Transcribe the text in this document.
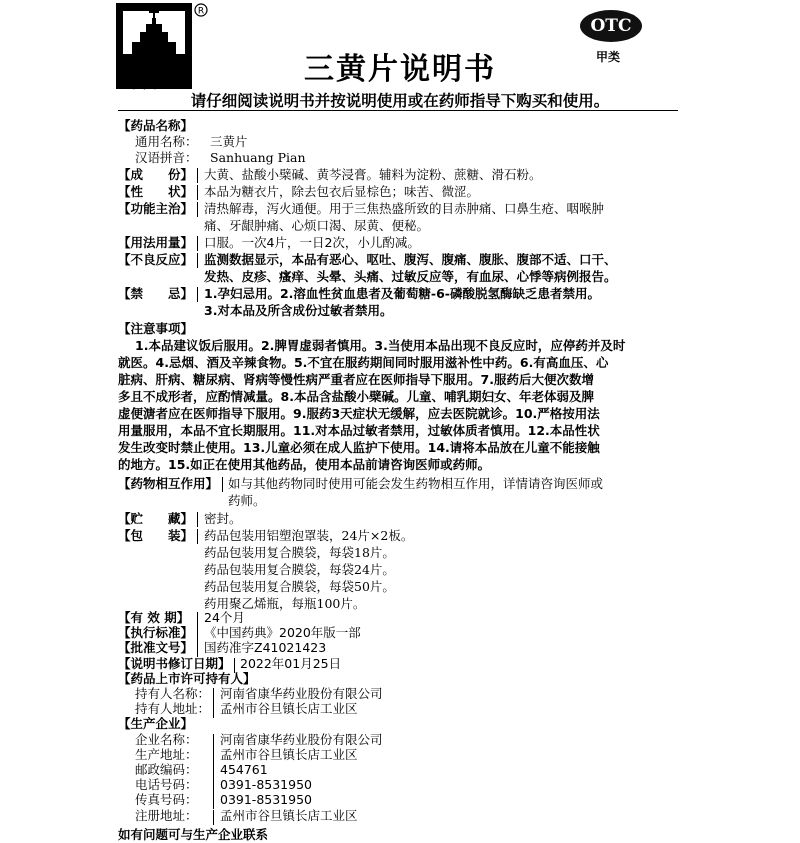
R
英雄	三黄片说明书
OTC
甲类
请仔细阅读说明书并按说明使用或在药师指导下购买和使用。
【药品名称】
通用名称： 三黄片
汉语拼音： Sanhuang Pian
【成　　份】 大黄、盐酸小檗碱、黄芩浸膏。辅料为淀粉、蔗糖、滑石粉。
【性　　状】 本品为糖衣片，除去包衣后显棕色；味苦、微涩。
【功能主治】 清热解毒，泻火通便。用于三焦热盛所致的目赤肿痛、口鼻生疮、咽喉肿
痛、牙龈肿痛、心烦口渴、尿黄、便秘。
【用法用量】 口服。一次4片，一日2次，小儿酌减。
【不良反应】 监测数据显示，本品有恶心、呕吐、腹泻、腹痛、腹胀、腹部不适、口干、
发热、皮疹、瘙痒、头晕、头痛、过敏反应等，有血尿、心悸等病例报告。
【禁　　忌】 1.孕妇忌用。2.溶血性贫血患者及葡萄糖-6-磷酸脱氢酶缺乏患者禁用。
3.对本品及所含成份过敏者禁用。
【注意事项】
1.本品建议饭后服用。2.脾胃虚弱者慎用。3.当使用本品出现不良反应时，应停药并及时
就医。4.忌烟、酒及辛辣食物。5.不宜在服药期间同时服用滋补性中药。6.有高血压、心
脏病、肝病、糖尿病、肾病等慢性病严重者应在医师指导下服用。7.服药后大便次数增
多且不成形者，应酌情减量。8.本品含盐酸小檗碱。儿童、哺乳期妇女、年老体弱及脾
虚便溏者应在医师指导下服用。9.服药3天症状无缓解，应去医院就诊。10.严格按用法
用量服用，本品不宜长期服用。11.对本品过敏者禁用，过敏体质者慎用。12.本品性状
发生改变时禁止使用。13.儿童必须在成人监护下使用。14.请将本品放在儿童不能接触
的地方。15.如正在使用其他药品，使用本品前请咨询医师或药师。
【药物相互作用】 如与其他药物同时使用可能会发生药物相互作用，详情请咨询医师或
药师。
【贮　　藏】 密封。
【包　　装】 药品包装用铝塑泡罩装，24片×2板。
药品包装用复合膜袋，每袋18片。
药品包装用复合膜袋，每袋24片。
药品包装用复合膜袋，每袋50片。
药用聚乙烯瓶，每瓶100片。
【有 效 期】 24个月
【执行标准】 《中国药典》2020年版一部
【批准文号】 国药准字Z41021423
【说明书修订日期】 2022年01月25日
【药品上市许可持有人】
持有人名称： 河南省康华药业股份有限公司
持有人地址： 孟州市谷旦镇长店工业区
【生产企业】
企业名称： 河南省康华药业股份有限公司
生产地址： 孟州市谷旦镇长店工业区
邮政编码： 454761
电话号码： 0391-8531950
传真号码： 0391-8531950
注册地址： 孟州市谷旦镇长店工业区
如有问题可与生产企业联系
